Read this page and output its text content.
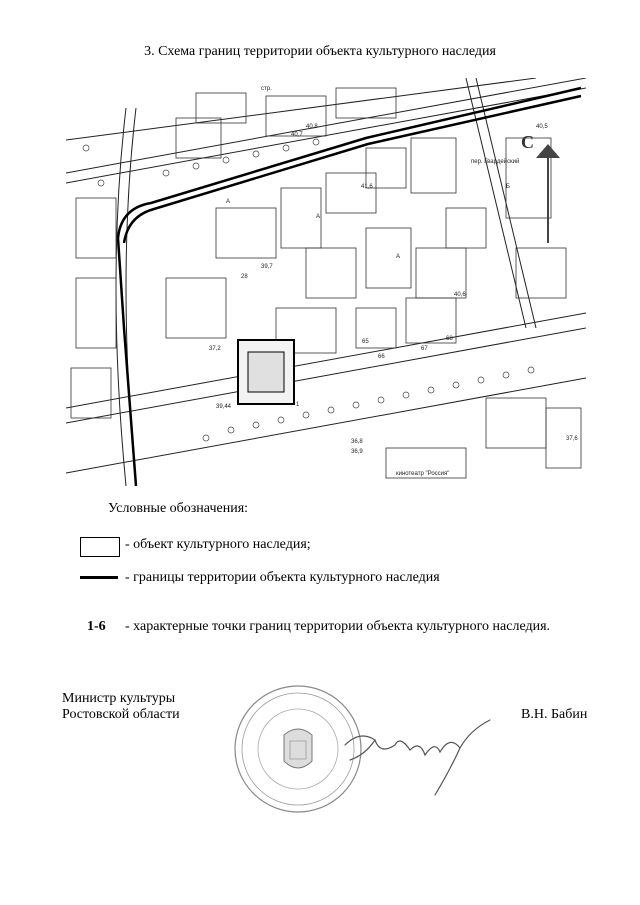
3. Схема границ территории объекта культурного наследия
С
40,8
40,7
39,7
41,6
40,6
40,5
36,8
36,9
37,2
37,6
39,44
65
66
67
68
28
кинотеатр "Россия"
1
А
А
А
Б
пер. Гвардейский
стр.
Условные обозначения:
- объект культурного наследия;
- границы территории объекта культурного наследия
1-6 - характерные точки границ территории объекта культурного наследия.
Министр культуры
Ростовской области	В.Н. Бабин
